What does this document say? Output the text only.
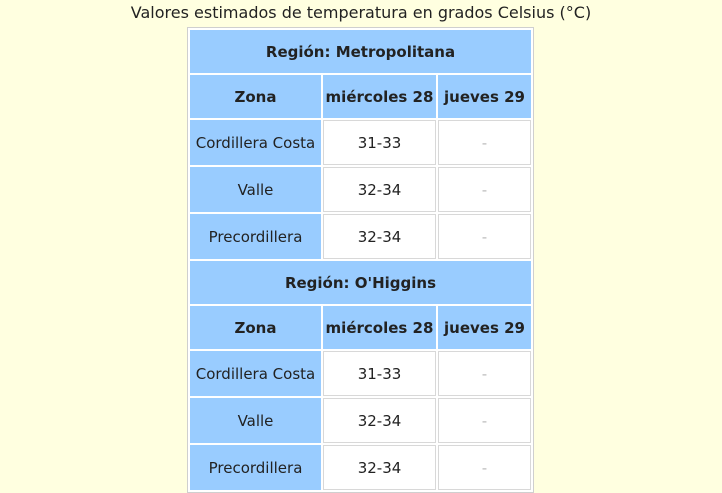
Valores estimados de temperatura en grados Celsius (°C)
Región: Metropolitana		
Zona	miércoles 28	jueves 29
Cordillera Costa	31-33	-
Valle	32-34	-
Precordillera	32-34	-
Región: O'Higgins		
Zona	miércoles 28	jueves 29
Cordillera Costa	31-33	-
Valle	32-34	-
Precordillera	32-34	-
